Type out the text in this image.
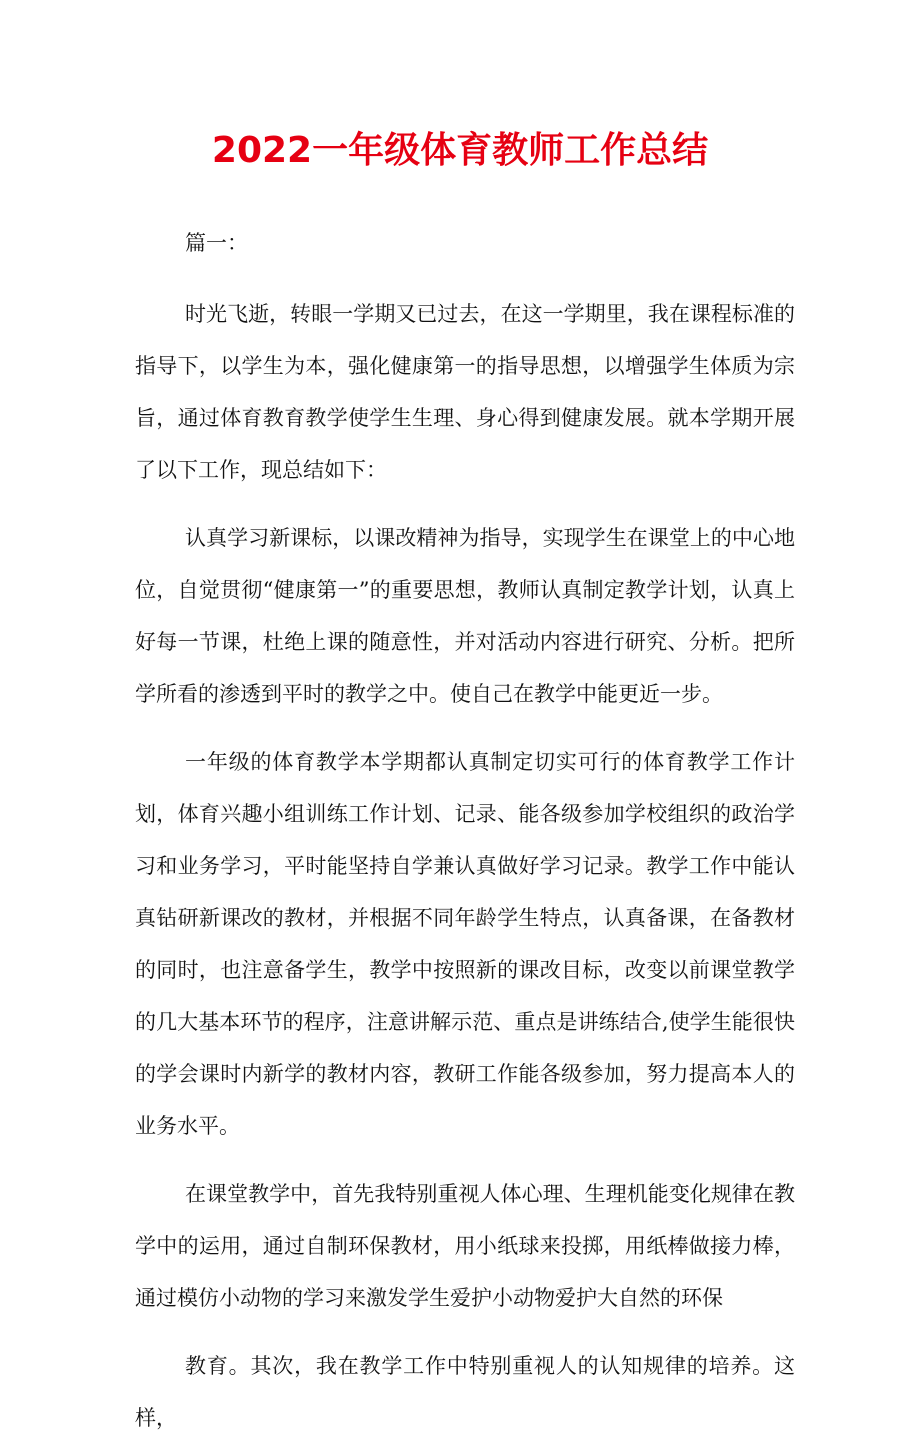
2022一年级体育教师工作总结

篇一：

时光飞逝，转眼一学期又已过去，在这一学期里，我在课程标准的指导下，以学生为本，强化健康第一的指导思想，以增强学生体质为宗旨，通过体育教育教学使学生生理、身心得到健康发展。就本学期开展了以下工作，现总结如下：

认真学习新课标，以课改精神为指导，实现学生在课堂上的中心地位，自觉贯彻“健康第一”的重要思想，教师认真制定教学计划，认真上好每一节课，杜绝上课的随意性，并对活动内容进行研究、分析。把所学所看的渗透到平时的教学之中。使自己在教学中能更近一步。

一年级的体育教学本学期都认真制定切实可行的体育教学工作计划，体育兴趣小组训练工作计划、记录、能各级参加学校组织的政治学习和业务学习，平时能坚持自学兼认真做好学习记录。教学工作中能认真钻研新课改的教材，并根据不同年龄学生特点，认真备课，在备教材的同时，也注意备学生，教学中按照新的课改目标，改变以前课堂教学的几大基本环节的程序，注意讲解示范、重点是讲练结合,使学生能很快的学会课时内新学的教材内容，教研工作能各级参加，努力提高本人的业务水平。

在课堂教学中，首先我特别重视人体心理、生理机能变化规律在教学中的运用，通过自制环保教材，用小纸球来投掷，用纸棒做接力棒，通过模仿小动物的学习来激发学生爱护小动物爱护大自然的环保

教育。其次，我在教学工作中特别重视人的认知规律的培养。这样，
